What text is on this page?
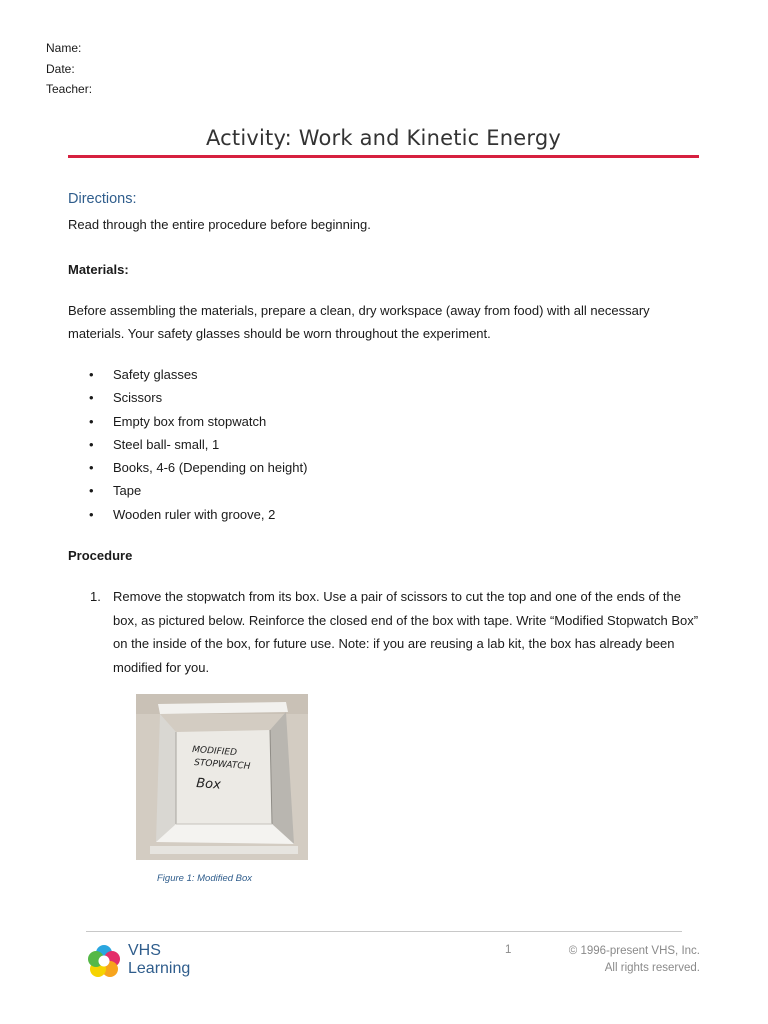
Name:
Date:
Teacher:
Activity: Work and Kinetic Energy
Directions:
Read through the entire procedure before beginning.
Materials:
Before assembling the materials, prepare a clean, dry workspace (away from food) with all necessary
materials. Your safety glasses should be worn throughout the experiment.
• Safety glasses
• Scissors
• Empty box from stopwatch
• Steel ball- small, 1
• Books, 4-6 (Depending on height)
• Tape
• Wooden ruler with groove, 2
Procedure
1. Remove the stopwatch from its box. Use a pair of scissors to cut the top and one of the ends of the box, as pictured below. Reinforce the closed end of the box with tape. Write “Modified Stopwatch Box” on the inside of the box, for future use. Note: if you are reusing a lab kit, the box has already been modified for you.
MODIFIED
STOPWATCH
Box
Figure 1: Modified Box
VHS
Learning
1	© 1996-present VHS, Inc.
All rights reserved.
